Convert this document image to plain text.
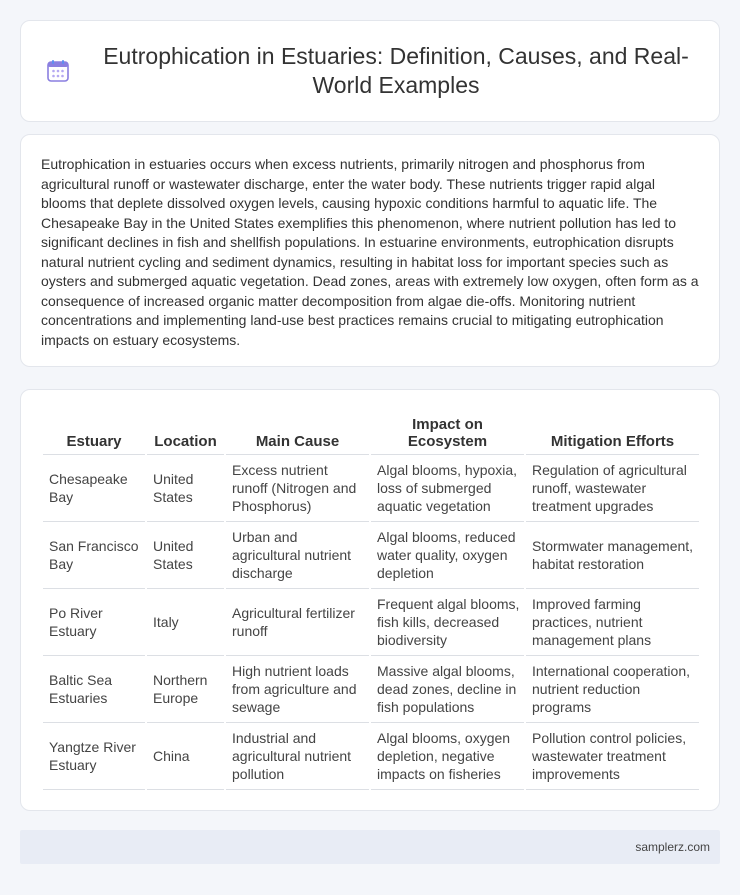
Eutrophication in Estuaries: Definition, Causes, and Real-World Examples

Eutrophication in estuaries occurs when excess nutrients, primarily nitrogen and phosphorus from agricultural runoff or wastewater discharge, enter the water body. These nutrients trigger rapid algal blooms that deplete dissolved oxygen levels, causing hypoxic conditions harmful to aquatic life. The Chesapeake Bay in the United States exemplifies this phenomenon, where nutrient pollution has led to significant declines in fish and shellfish populations. In estuarine environments, eutrophication disrupts natural nutrient cycling and sediment dynamics, resulting in habitat loss for important species such as oysters and submerged aquatic vegetation. Dead zones, areas with extremely low oxygen, often form as a consequence of increased organic matter decomposition from algae die-offs. Monitoring nutrient concentrations and implementing land-use best practices remains crucial to mitigating eutrophication impacts on estuary ecosystems.

Estuary	Location	Main Cause	Impact on Ecosystem	Mitigation Efforts
Chesapeake Bay	United States	Excess nutrient runoff (Nitrogen and Phosphorus)	Algal blooms, hypoxia, loss of submerged aquatic vegetation	Regulation of agricultural runoff, wastewater treatment upgrades
San Francisco Bay	United States	Urban and agricultural nutrient discharge	Algal blooms, reduced water quality, oxygen depletion	Stormwater management, habitat restoration
Po River Estuary	Italy	Agricultural fertilizer runoff	Frequent algal blooms, fish kills, decreased biodiversity	Improved farming practices, nutrient management plans
Baltic Sea Estuaries	Northern Europe	High nutrient loads from agriculture and sewage	Massive algal blooms, dead zones, decline in fish populations	International cooperation, nutrient reduction programs
Yangtze River Estuary	China	Industrial and agricultural nutrient pollution	Algal blooms, oxygen depletion, negative impacts on fisheries	Pollution control policies, wastewater treatment improvements
samplerz.com
